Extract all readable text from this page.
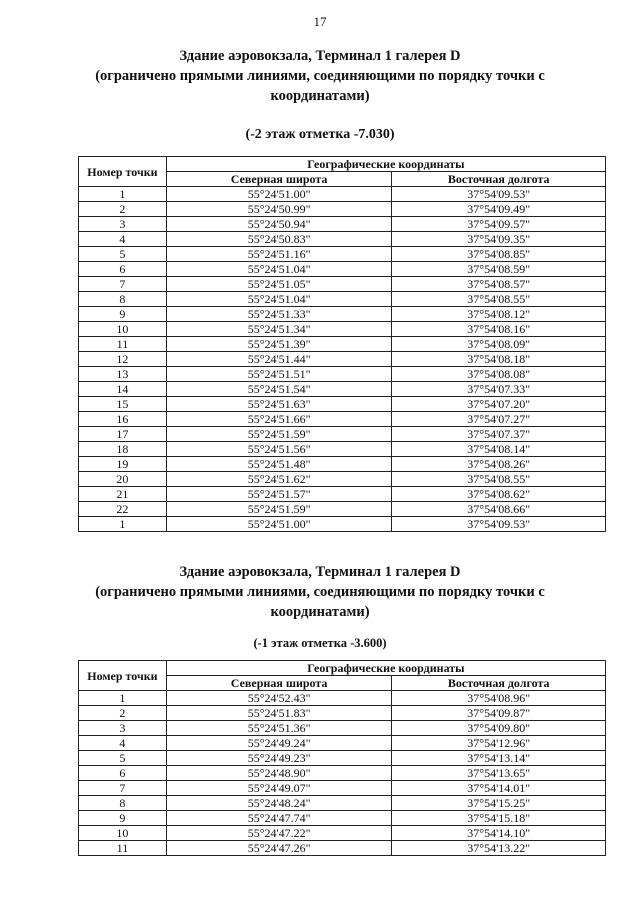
17
Здание аэровокзала, Терминал 1 галерея D
(ограничено прямыми линиями, соединяющими по порядку точки с
координатами)
(-2 этаж отметка -7.030)
Номер точки	Географические координаты	
	Северная широта	Восточная долгота
1	55°24'51.00"	37°54'09.53"
2	55°24'50.99"	37°54'09.49"
3	55°24'50.94"	37°54'09.57"
4	55°24'50.83"	37°54'09.35"
5	55°24'51.16"	37°54'08.85"
6	55°24'51.04"	37°54'08.59"
7	55°24'51.05"	37°54'08.57"
8	55°24'51.04"	37°54'08.55"
9	55°24'51.33"	37°54'08.12"
10	55°24'51.34"	37°54'08.16"
11	55°24'51.39"	37°54'08.09"
12	55°24'51.44"	37°54'08.18"
13	55°24'51.51"	37°54'08.08"
14	55°24'51.54"	37°54'07.33"
15	55°24'51.63"	37°54'07.20"
16	55°24'51.66"	37°54'07.27"
17	55°24'51.59"	37°54'07.37"
18	55°24'51.56"	37°54'08.14"
19	55°24'51.48"	37°54'08.26"
20	55°24'51.62"	37°54'08.55"
21	55°24'51.57"	37°54'08.62"
22	55°24'51.59"	37°54'08.66"
1	55°24'51.00"	37°54'09.53"
Здание аэровокзала, Терминал 1 галерея D
(ограничено прямыми линиями, соединяющими по порядку точки с
координатами)
(-1 этаж отметка -3.600)
Номер точки	Географические координаты	
	Северная широта	Восточная долгота
1	55°24'52.43"	37°54'08.96"
2	55°24'51.83"	37°54'09.87"
3	55°24'51.36"	37°54'09.80"
4	55°24'49.24"	37°54'12.96"
5	55°24'49.23"	37°54'13.14"
6	55°24'48.90"	37°54'13.65"
7	55°24'49.07"	37°54'14.01"
8	55°24'48.24"	37°54'15.25"
9	55°24'47.74"	37°54'15.18"
10	55°24'47.22"	37°54'14.10"
11	55°24'47.26"	37°54'13.22"
